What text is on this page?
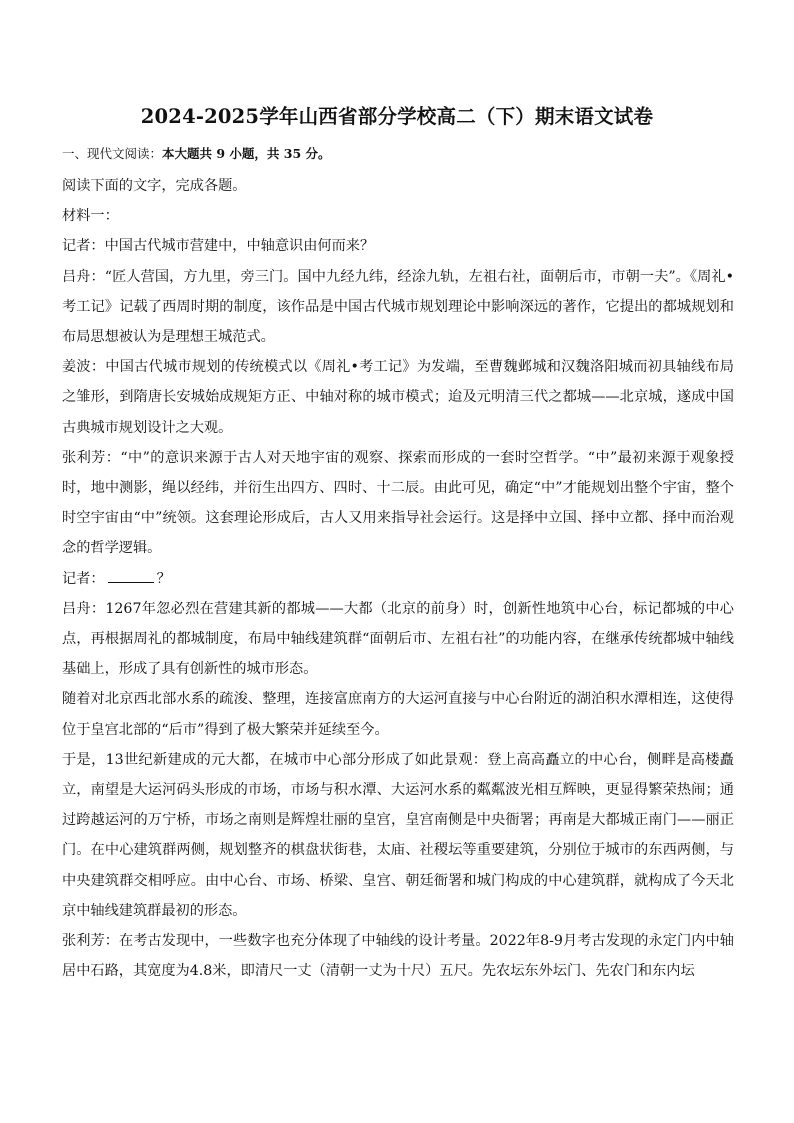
2024-2025学年山西省部分学校高二（下）期末语文试卷
一、现代文阅读：本大题共 9 小题，共 35 分。

阅读下面的文字，完成各题。

材料一：

记者：中国古代城市营建中，中轴意识由何而来？

吕舟：“匠人营国，方九里，旁三门。国中九经九纬，经涂九轨，左祖右社，面朝后市，市朝一夫”。《周礼•考工记》记载了西周时期的制度，该作品是中国古代城市规划理论中影响深远的著作，它提出的都城规划和布局思想被认为是理想王城范式。

姜波：中国古代城市规划的传统模式以《周礼•考工记》为发端，至曹魏邺城和汉魏洛阳城而初具轴线布局之雏形，到隋唐长安城始成规矩方正、中轴对称的城市模式；迨及元明清三代之都城——北京城，遂成中国古典城市规划设计之大观。

张利芳：“中”的意识来源于古人对天地宇宙的观察、探索而形成的一套时空哲学。“中”最初来源于观象授时，地中测影，绳以经纬，并衍生出四方、四时、十二辰。由此可见，确定“中”才能规划出整个宇宙，整个时空宇宙由“中”统领。这套理论形成后，古人又用来指导社会运行。这是择中立国、择中立都、择中而治观念的哲学逻辑。

记者：	？

吕舟：1267年忽必烈在营建其新的都城——大都（北京的前身）时，创新性地筑中心台，标记都城的中心点，再根据周礼的都城制度，布局中轴线建筑群“面朝后市、左祖右社”的功能内容，在继承传统都城中轴线基础上，形成了具有创新性的城市形态。

随着对北京西北部水系的疏浚、整理，连接富庶南方的大运河直接与中心台附近的湖泊积水潭相连，这使得位于皇宫北部的“后市”得到了极大繁荣并延续至今。

于是，13世纪新建成的元大都，在城市中心部分形成了如此景观：登上高高矗立的中心台，侧畔是高楼矗立，南望是大运河码头形成的市场，市场与积水潭、大运河水系的粼粼波光相互辉映，更显得繁荣热闹；通过跨越运河的万宁桥，市场之南则是辉煌壮丽的皇宫，皇宫南侧是中央衙署；再南是大都城正南门——丽正门。在中心建筑群两侧，规划整齐的棋盘状街巷，太庙、社稷坛等重要建筑，分别位于城市的东西两侧，与中央建筑群交相呼应。由中心台、市场、桥梁、皇宫、朝廷衙署和城门构成的中心建筑群，就构成了今天北京中轴线建筑群最初的形态。

张利芳：在考古发现中，一些数字也充分体现了中轴线的设计考量。2022年8-9月考古发现的永定门内中轴居中石路，其宽度为4.8米，即清尺一丈（清朝一丈为十尺）五尺。先农坛东外坛门、先农门和东内坛
